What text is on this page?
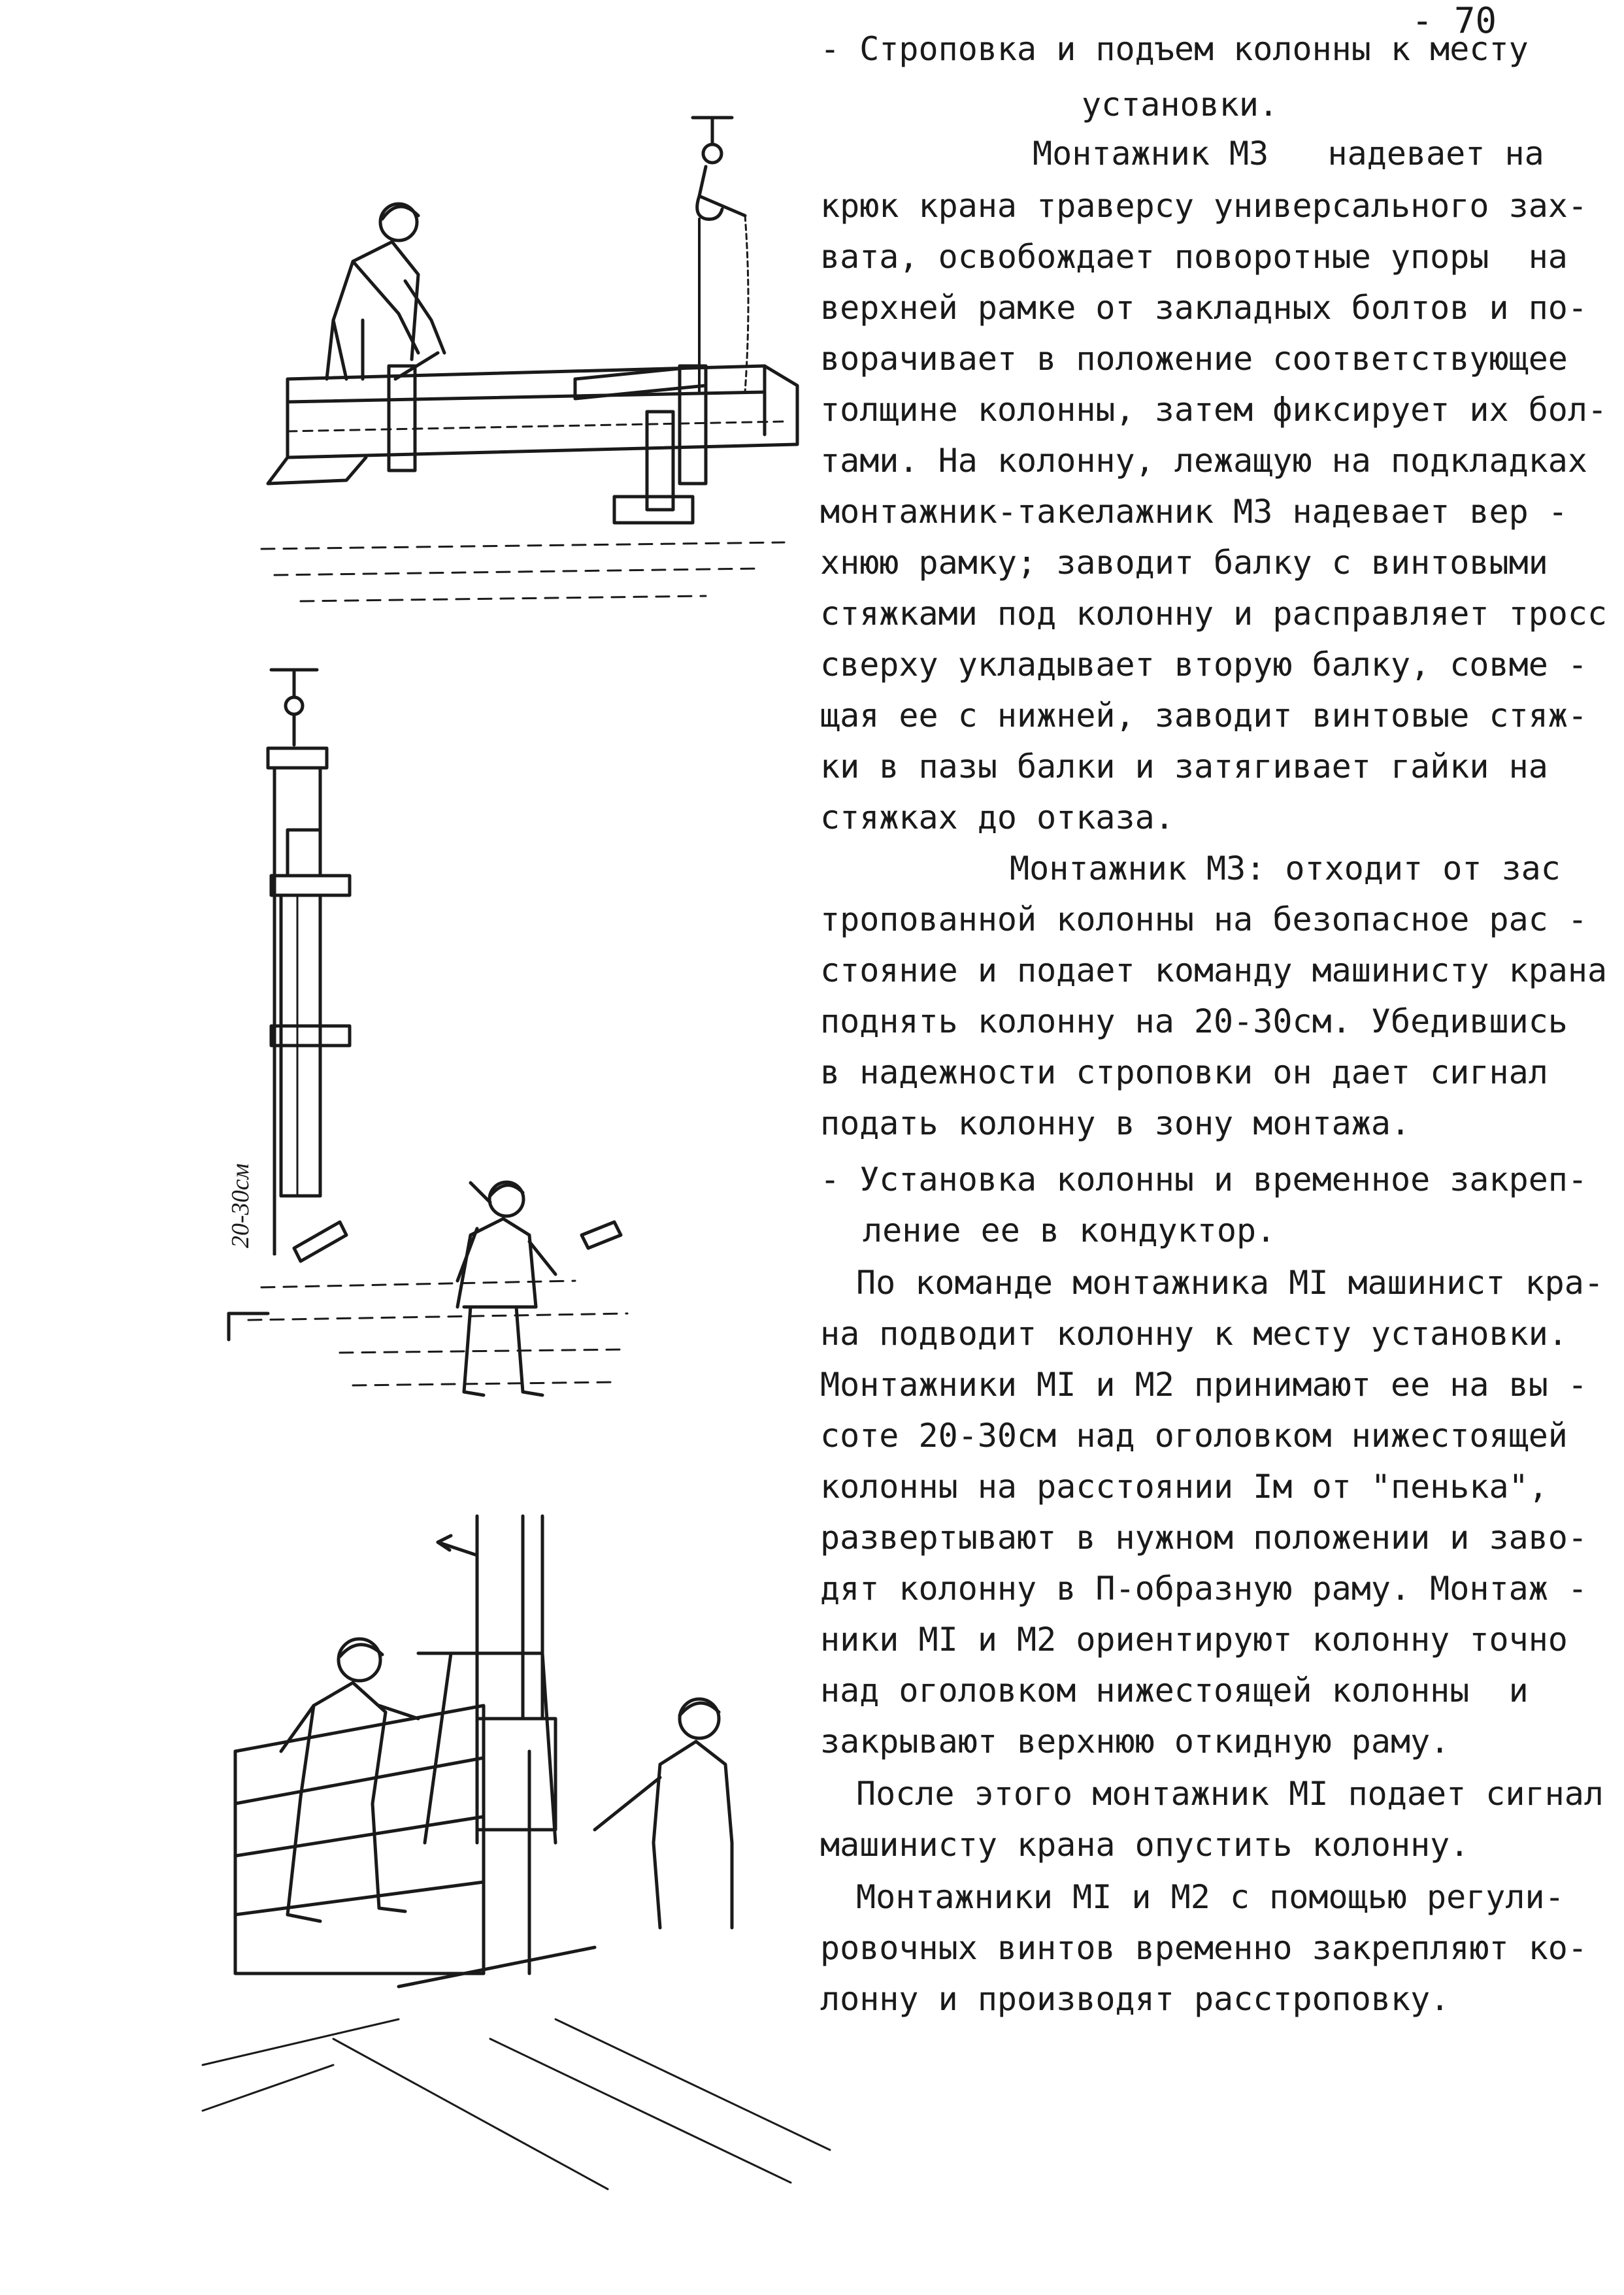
- 70
- Строповка и подъем колонны к месту
установки.
Монтажник МЗ   надевает на
крюк крана траверсу универсального зах-
вата, освобождает поворотные упоры  на
верхней рамке от закладных болтов и по-
ворачивает в положение соответствующее
толщине колонны, затем фиксирует их бол-
тами. На колонну, лежащую на подкладках
монтажник-такелажник МЗ надевает вер -
хнюю рамку; заводит балку с винтовыми
стяжками под колонну и расправляет тросс
сверху укладывает вторую балку, совме -
щая ее с нижней, заводит винтовые стяж-
ки в пазы балки и затягивает гайки на
стяжках до отказа.
Монтажник МЗ: отходит от зас
тропованной колонны на безопасное рас -
стояние и подает команду машинисту крана
поднять колонну на 20-30см. Убедившись
в надежности строповки он дает сигнал
подать колонну в зону монтажа.
- Установка колонны и временное закреп-
ление ее в кондуктор.
По команде монтажника МI машинист кра-
на подводит колонну к месту установки.
Монтажники МI и М2 принимают ее на вы -
соте 20-30см над оголовком нижестоящей
колонны на расстоянии Iм от "пенька",
развертывают в нужном положении и заво-
дят колонну в П-образную раму. Монтаж -
ники МI и М2 ориентируют колонну точно
над оголовком нижестоящей колонны  и
закрывают верхнюю откидную раму.
После этого монтажник МI подает сигнал
машинисту крана опустить колонну.
Монтажники МI и М2 с помощью регули-
ровочных винтов временно закрепляют ко-
лонну и производят расстроповку.
20-30см
